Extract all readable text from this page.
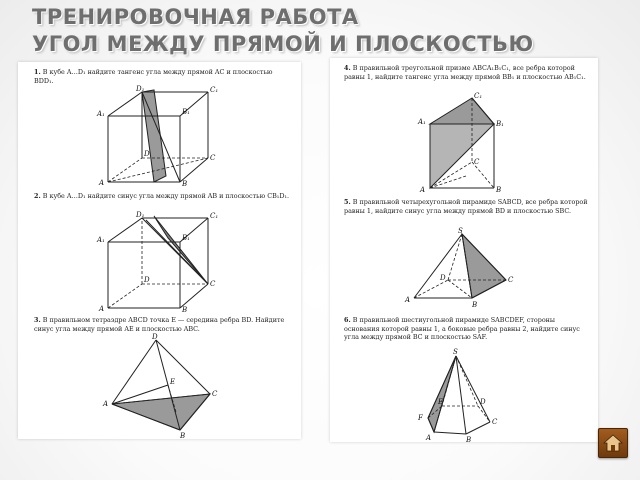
ТРЕНИРОВОЧНАЯ РАБОТА
УГОЛ МЕЖДУ ПРЯМОЙ И ПЛОСКОСТЬЮ
1. В кубе A…D₁ найдите тангенс угла между прямой AC и плоскостью BDD₁.
D₁	C₁
A₁	B₁
D	C
A	B
2. В кубе A…D₁ найдите синус угла между прямой AB и плоскостью CB₁D₁.
D₁	C₁
A₁	B₁
D	C
A	B
3. В правильном тетраэдре ABCD точка E — середина ребра BD. Найдите синус угла между прямой AE и плоскостью ABC.
D
E
A
C
B
4. В правильной треугольной призме ABCA₁B₁C₁, все ребра которой равны 1, найдите тангенс угла между прямой BB₁ и плоскостью AB₁C₁.
C₁
A₁	B₁
C
A	B
5. В правильной четырехугольной пирамиде SABCD, все ребра которой равны 1, найдите синус угла между прямой BD и плоскостью SBC.
S
D	C
A
B
6. В правильной шестиугольной пирамиде SABCDEF, стороны основания которой равны 1, а боковые ребра равны 2, найдите синус угла между прямой BC и плоскостью SAF.
S
E	D
F	C
A	B
